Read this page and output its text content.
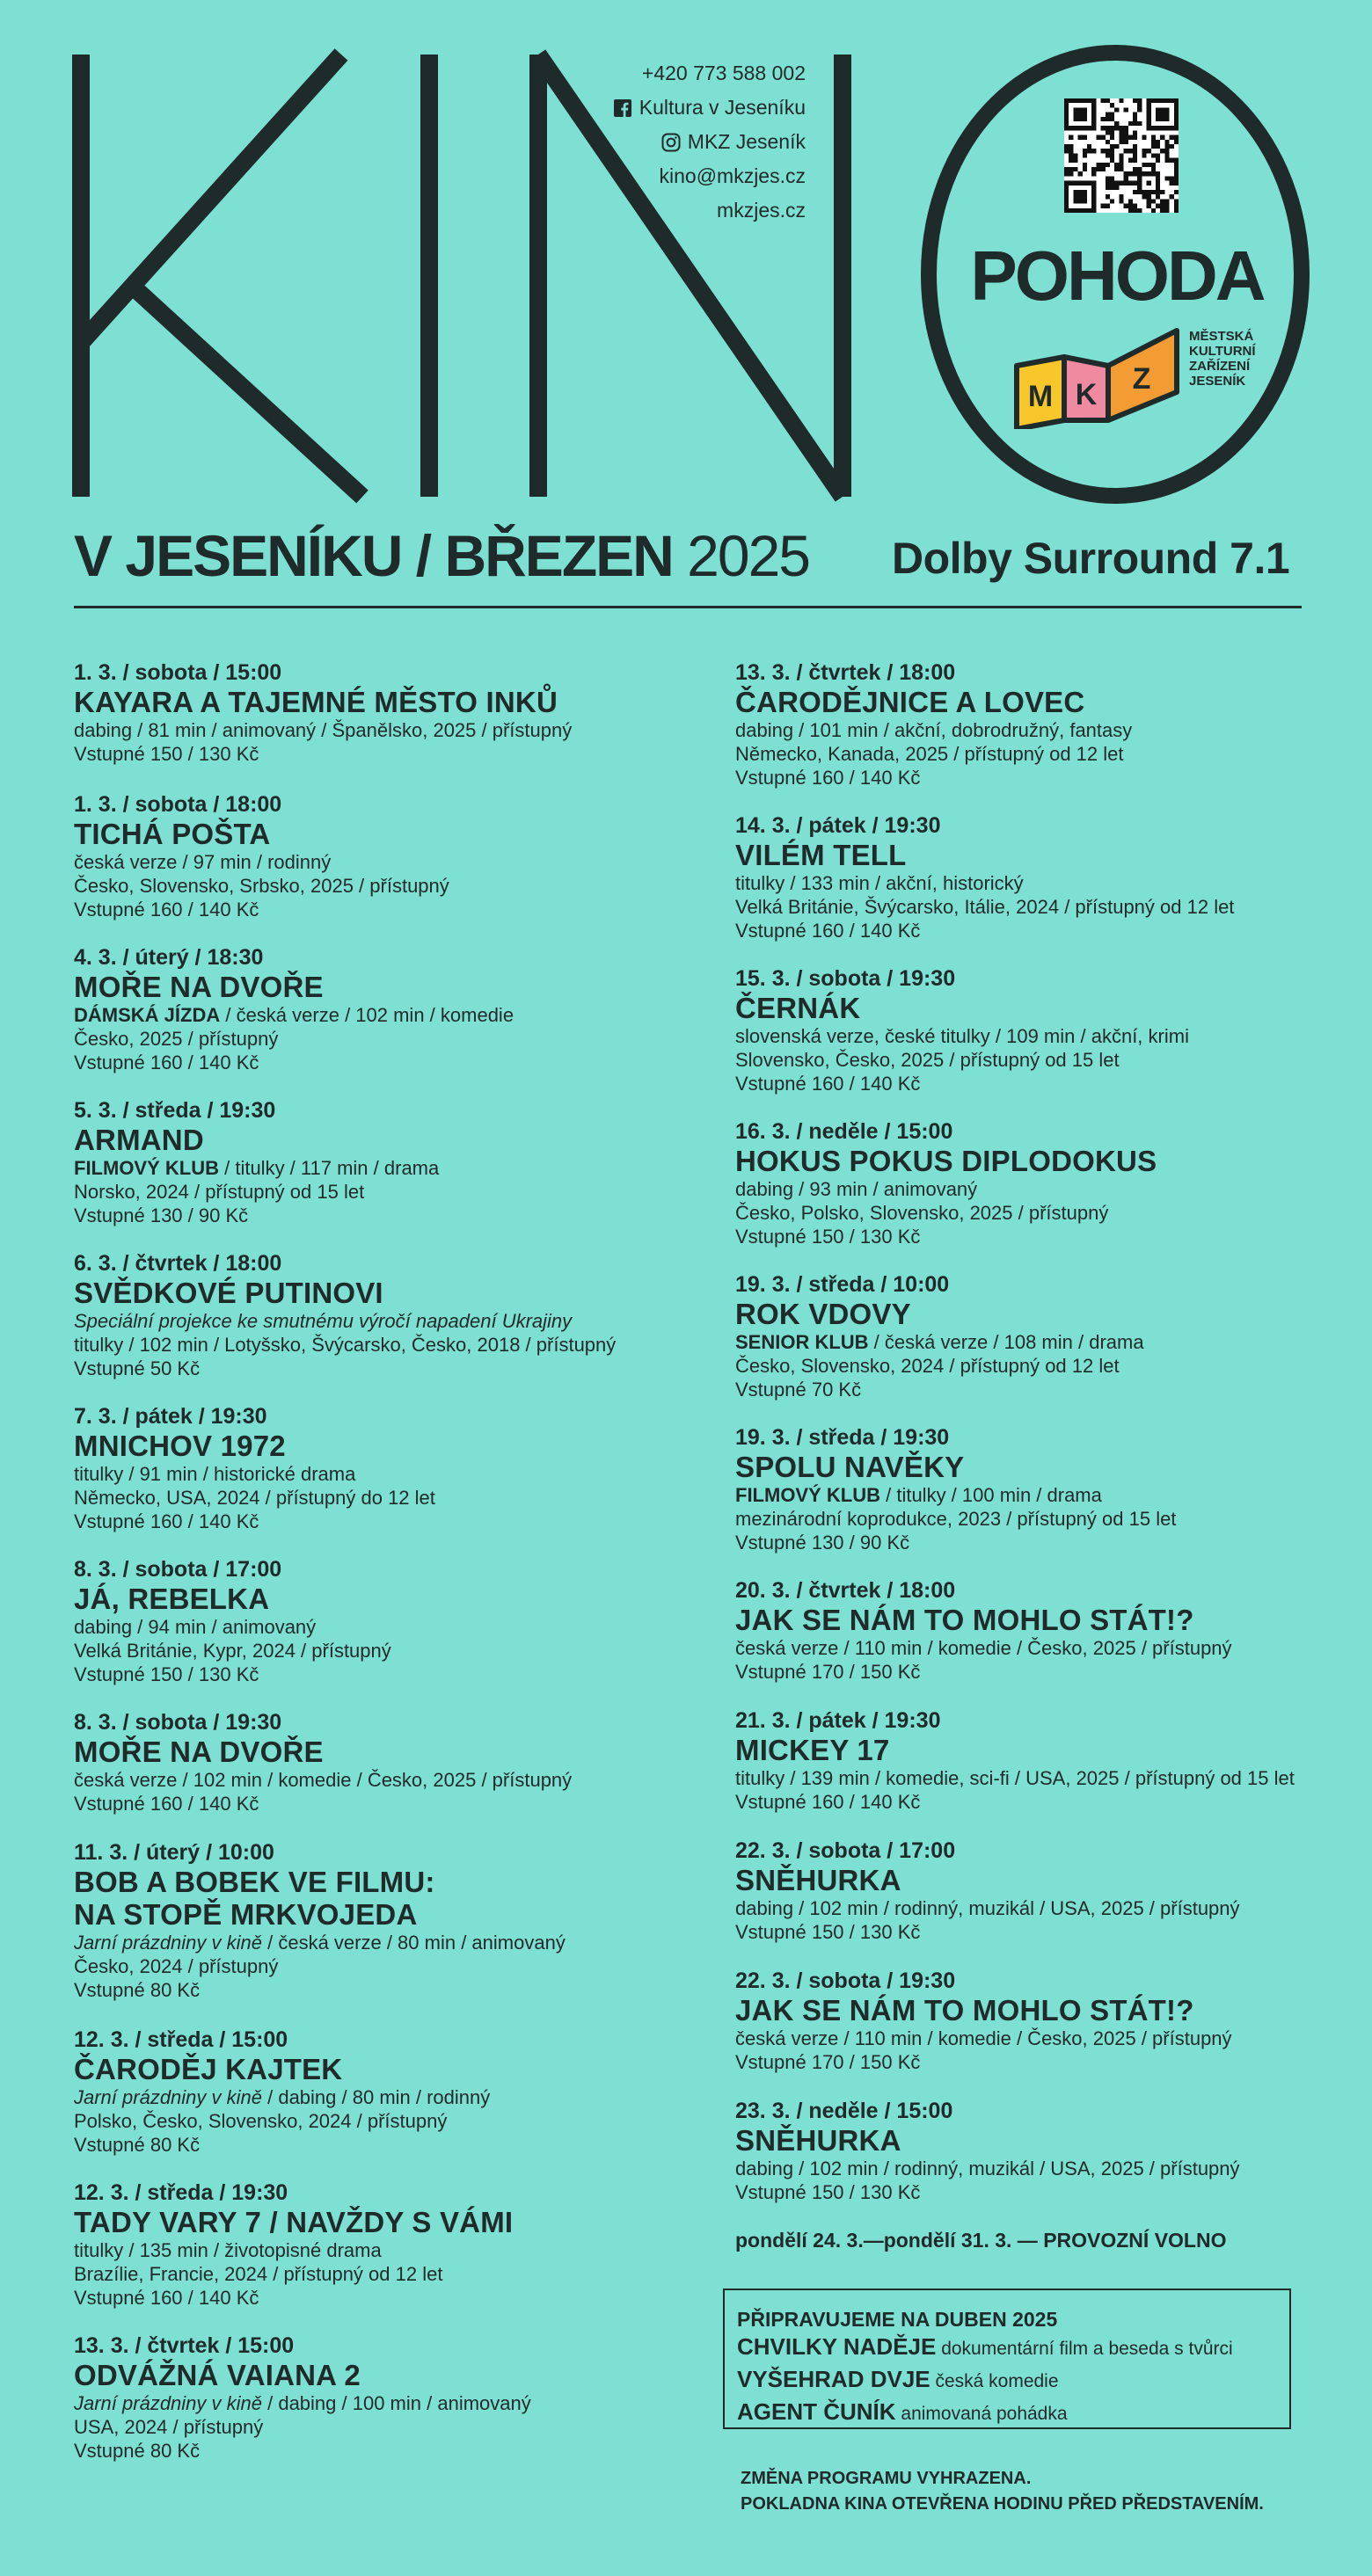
+420 773 588 002
Kultura v Jeseníku
MKZ Jeseník
kino@mkzjes.cz
mkzjes.cz
POHODA
M K Z
MĚSTSKÁ
KULTURNÍ
ZAŘÍZENÍ
JESENÍK
V JESENÍKU / BŘEZEN 2025 Dolby Surround 7.1
1. 3. / sobota / 15:00
KAYARA A TAJEMNÉ MĚSTO INKŮ
dabing / 81 min / animovaný / Španělsko, 2025 / přístupný
Vstupné 150 / 130 Kč
1. 3. / sobota / 18:00
TICHÁ POŠTA
česká verze / 97 min / rodinný
Česko, Slovensko, Srbsko, 2025 / přístupný
Vstupné 160 / 140 Kč
4. 3. / úterý / 18:30
MOŘE NA DVOŘE
DÁMSKÁ JÍZDA / česká verze / 102 min / komedie
Česko, 2025 / přístupný
Vstupné 160 / 140 Kč
5. 3. / středa / 19:30
ARMAND
FILMOVÝ KLUB / titulky / 117 min / drama
Norsko, 2024 / přístupný od 15 let
Vstupné 130 / 90 Kč
6. 3. / čtvrtek / 18:00
SVĚDKOVÉ PUTINOVI
Speciální projekce ke smutnému výročí napadení Ukrajiny
titulky / 102 min / Lotyšsko, Švýcarsko, Česko, 2018 / přístupný
Vstupné 50 Kč
7. 3. / pátek / 19:30
MNICHOV 1972
titulky / 91 min / historické drama
Německo, USA, 2024 / přístupný do 12 let
Vstupné 160 / 140 Kč
8. 3. / sobota / 17:00
JÁ, REBELKA
dabing / 94 min / animovaný
Velká Británie, Kypr, 2024 / přístupný
Vstupné 150 / 130 Kč
8. 3. / sobota / 19:30
MOŘE NA DVOŘE
česká verze / 102 min / komedie / Česko, 2025 / přístupný
Vstupné 160 / 140 Kč
11. 3. / úterý / 10:00
BOB A BOBEK VE FILMU:
NA STOPĚ MRKVOJEDA
Jarní prázdniny v kině / česká verze / 80 min / animovaný
Česko, 2024 / přístupný
Vstupné 80 Kč
12. 3. / středa / 15:00
ČARODĚJ KAJTEK
Jarní prázdniny v kině / dabing / 80 min / rodinný
Polsko, Česko, Slovensko, 2024 / přístupný
Vstupné 80 Kč
12. 3. / středa / 19:30
TADY VARY 7 / NAVŽDY S VÁMI
titulky / 135 min / životopisné drama
Brazílie, Francie, 2024 / přístupný od 12 let
Vstupné 160 / 140 Kč
13. 3. / čtvrtek / 15:00
ODVÁŽNÁ VAIANA 2
Jarní prázdniny v kině / dabing / 100 min / animovaný
USA, 2024 / přístupný
Vstupné 80 Kč
13. 3. / čtvrtek / 18:00
ČARODĚJNICE A LOVEC
dabing / 101 min / akční, dobrodružný, fantasy
Německo, Kanada, 2025 / přístupný od 12 let
Vstupné 160 / 140 Kč
14. 3. / pátek / 19:30
VILÉM TELL
titulky / 133 min / akční, historický
Velká Británie, Švýcarsko, Itálie, 2024 / přístupný od 12 let
Vstupné 160 / 140 Kč
15. 3. / sobota / 19:30
ČERNÁK
slovenská verze, české titulky / 109 min / akční, krimi
Slovensko, Česko, 2025 / přístupný od 15 let
Vstupné 160 / 140 Kč
16. 3. / neděle / 15:00
HOKUS POKUS DIPLODOKUS
dabing / 93 min / animovaný
Česko, Polsko, Slovensko, 2025 / přístupný
Vstupné 150 / 130 Kč
19. 3. / středa / 10:00
ROK VDOVY
SENIOR KLUB / česká verze / 108 min / drama
Česko, Slovensko, 2024 / přístupný od 12 let
Vstupné 70 Kč
19. 3. / středa / 19:30
SPOLU NAVĚKY
FILMOVÝ KLUB / titulky / 100 min / drama
mezinárodní koprodukce, 2023 / přístupný od 15 let
Vstupné 130 / 90 Kč
20. 3. / čtvrtek / 18:00
JAK SE NÁM TO MOHLO STÁT!?
česká verze / 110 min / komedie / Česko, 2025 / přístupný
Vstupné 170 / 150 Kč
21. 3. / pátek / 19:30
MICKEY 17
titulky / 139 min / komedie, sci-fi / USA, 2025 / přístupný od 15 let
Vstupné 160 / 140 Kč
22. 3. / sobota / 17:00
SNĚHURKA
dabing / 102 min / rodinný, muzikál / USA, 2025 / přístupný
Vstupné 150 / 130 Kč
22. 3. / sobota / 19:30
JAK SE NÁM TO MOHLO STÁT!?
česká verze / 110 min / komedie / Česko, 2025 / přístupný
Vstupné 170 / 150 Kč
23. 3. / neděle / 15:00
SNĚHURKA
dabing / 102 min / rodinný, muzikál / USA, 2025 / přístupný
Vstupné 150 / 130 Kč
pondělí 24. 3.—pondělí 31. 3. — PROVOZNÍ VOLNO
PŘIPRAVUJEME NA DUBEN 2025
CHVILKY NADĚJE dokumentární film a beseda s tvůrci
VYŠEHRAD DVJE česká komedie
AGENT ČUNÍK animovaná pohádka
ZMĚNA PROGRAMU VYHRAZENA.
POKLADNA KINA OTEVŘENA HODINU PŘED PŘEDSTAVENÍM.
